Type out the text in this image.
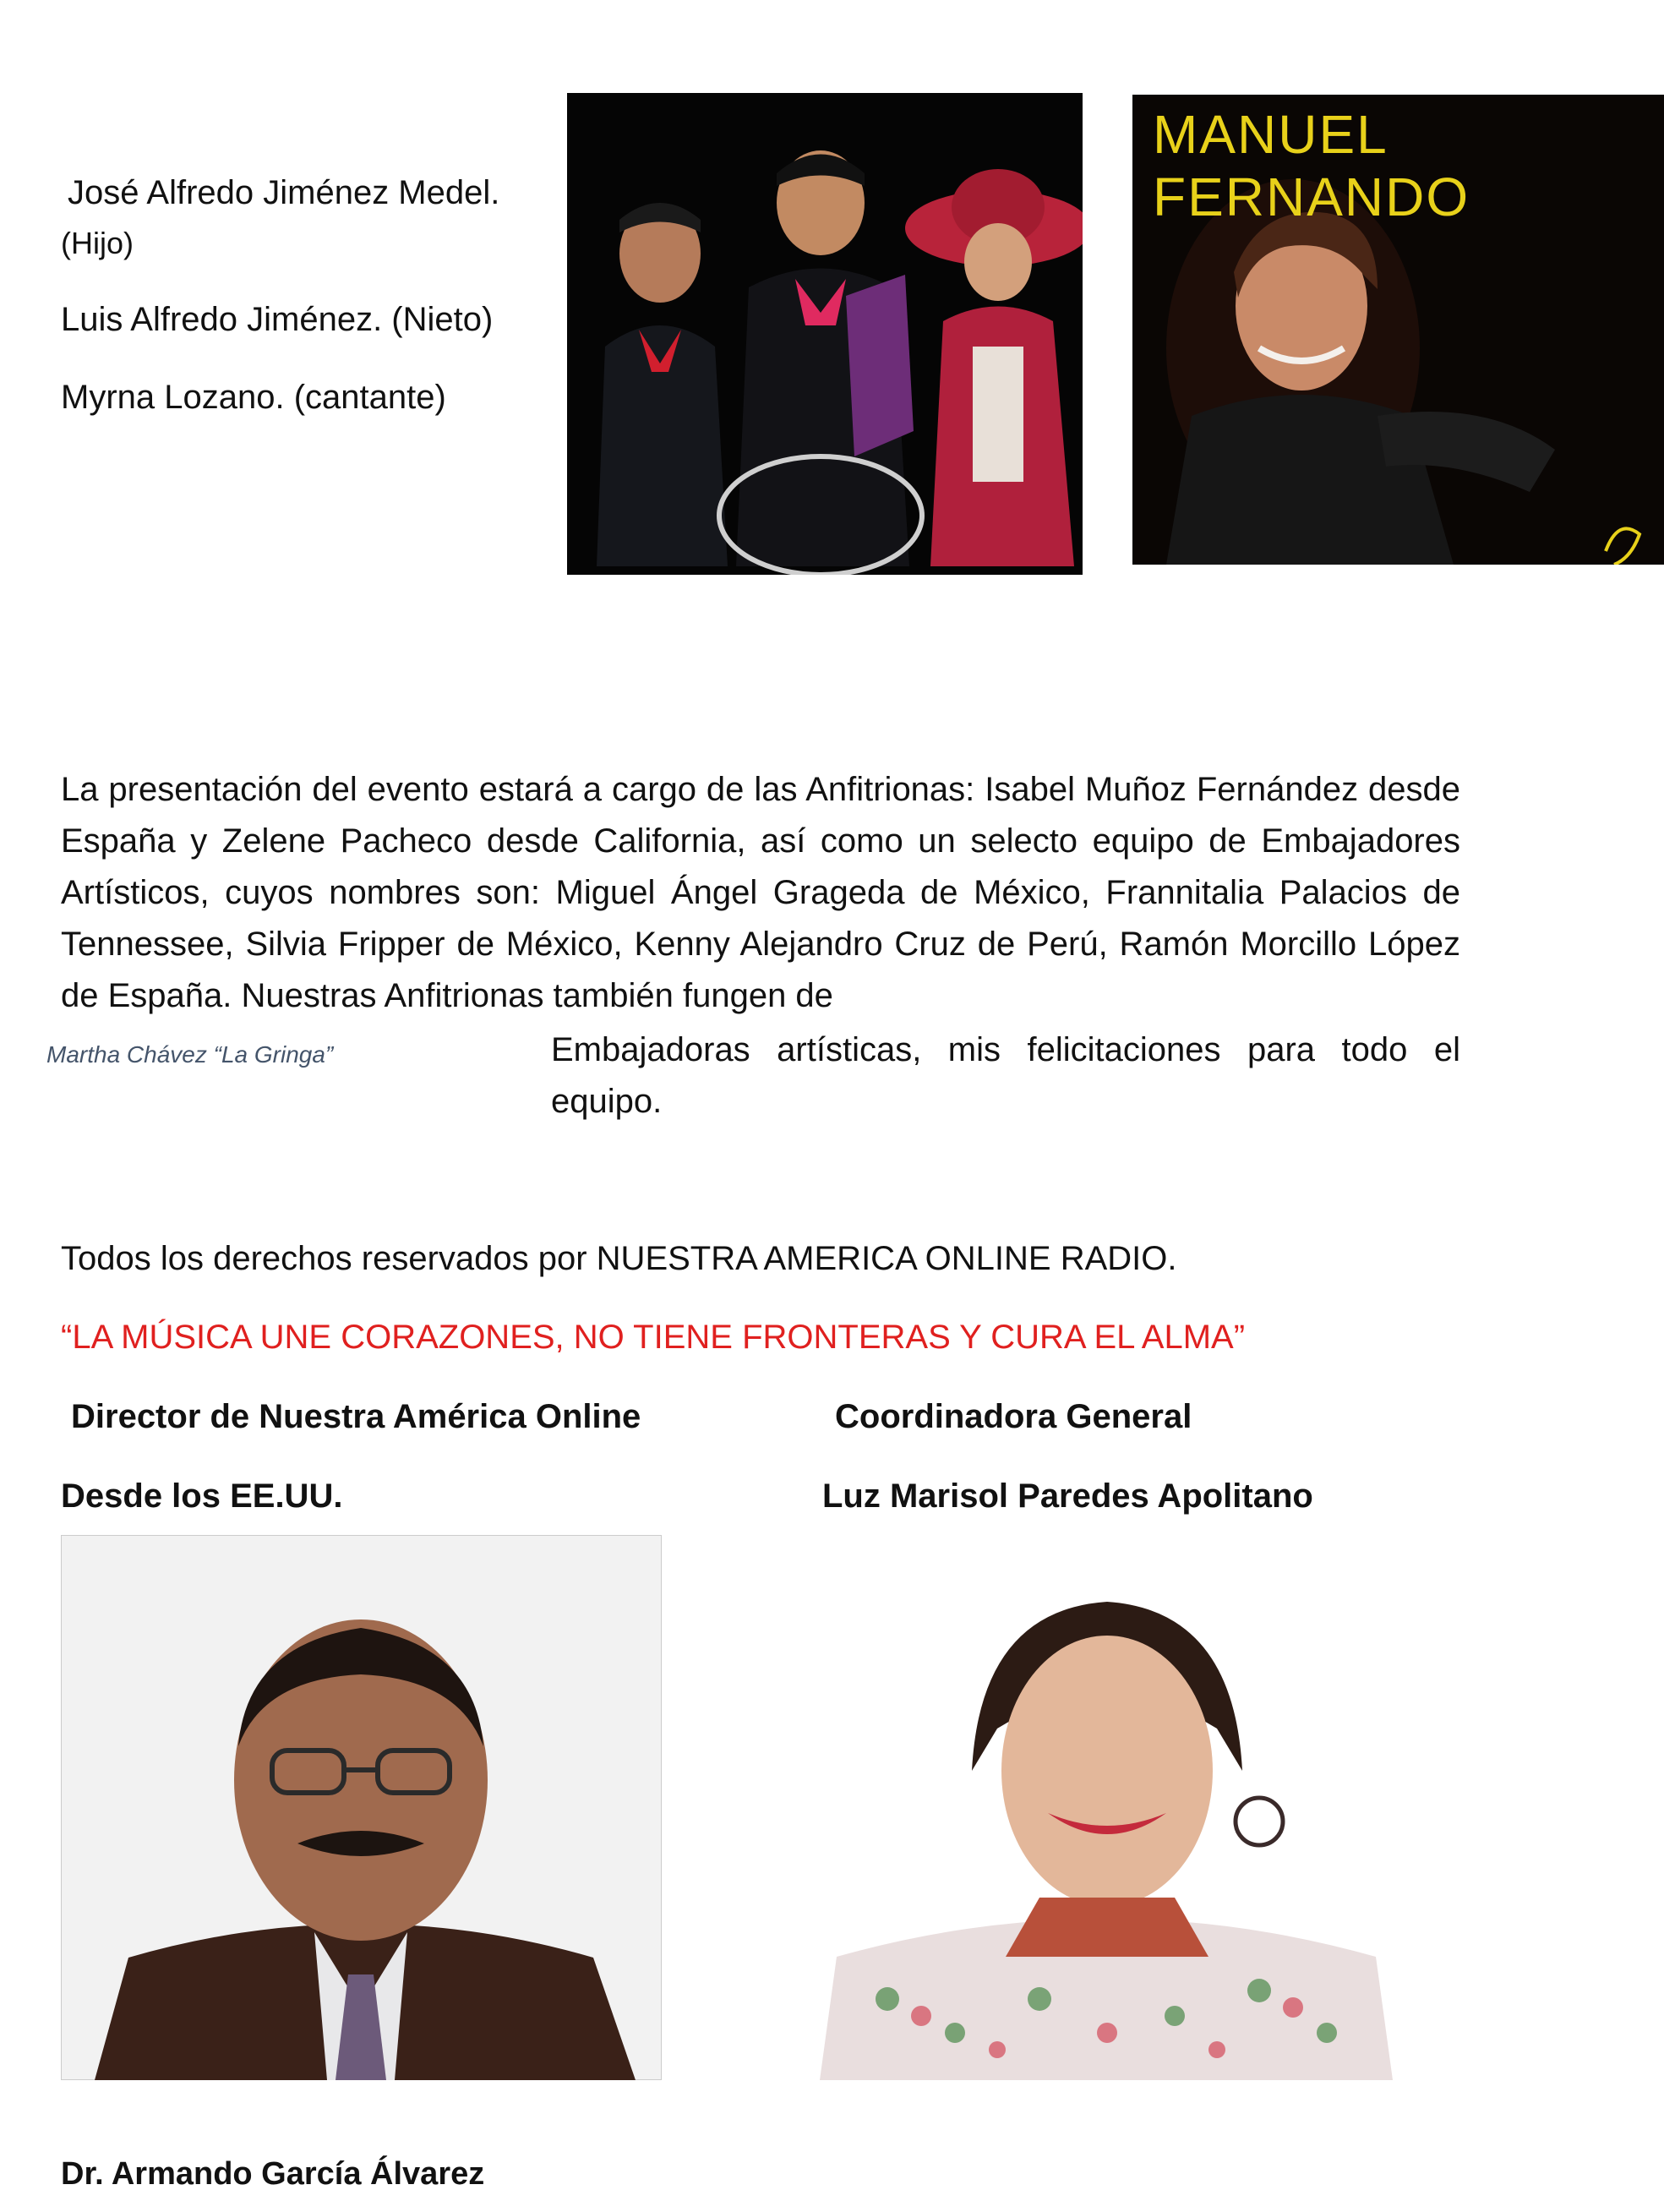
José Alfredo Jiménez Medel.
(Hijo)
Luis Alfredo Jiménez. (Nieto)
Myrna Lozano. (cantante)
MANUEL FERNANDO
La presentación del evento estará a cargo de las Anfitrionas: Isabel Muñoz Fernández desde España y Zelene Pacheco desde California, así como un selecto equipo de Embajadores Artísticos, cuyos nombres son: Miguel Ángel Grageda de México, Frannitalia Palacios de Tennessee, Silvia Fripper de México, Kenny Alejandro Cruz de Perú, Ramón Morcillo López de España. Nuestras Anfitrionas también fungen de
Embajadoras artísticas, mis felicitaciones para todo el equipo.
Martha Chávez “La Gringa”
Todos los derechos reservados por NUESTRA AMERICA ONLINE RADIO.
“LA MÚSICA UNE CORAZONES, NO TIENE FRONTERAS Y CURA EL ALMA”
Director de Nuestra América Online
Desde los EE.UU.
Coordinadora General
Luz Marisol Paredes Apolitano
Dr. Armando García Álvarez
